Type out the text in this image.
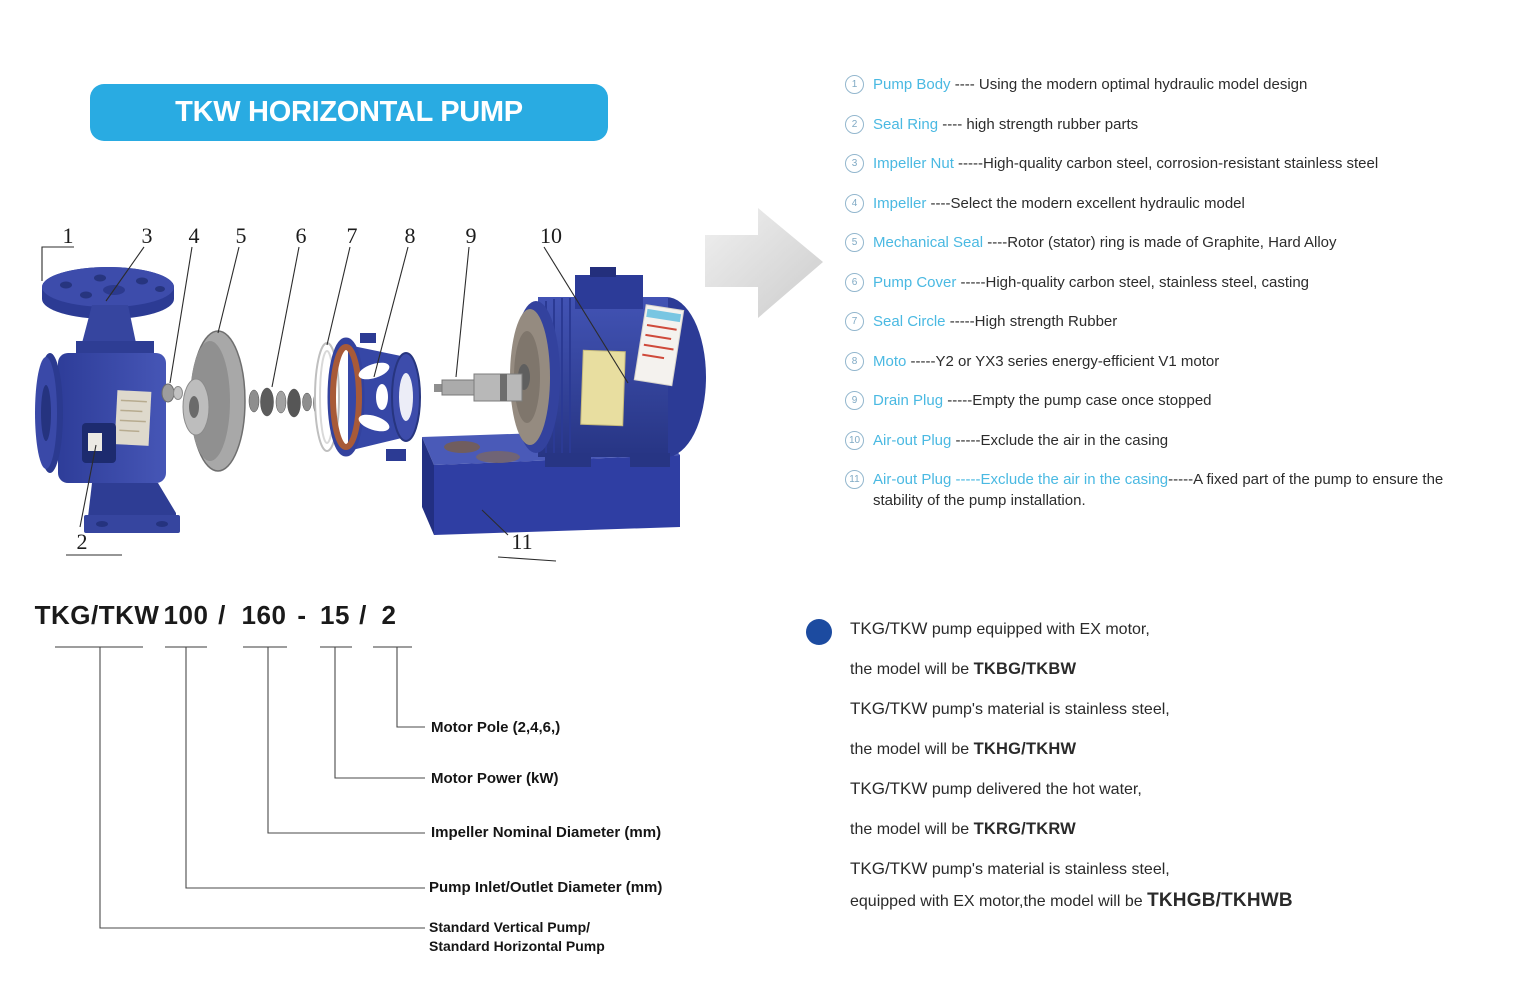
TKW HORIZONTAL PUMP
1	3 4 5 6 7 8 9	10
2	11
1	Pump Body ---- Using the modern optimal hydraulic model design
2	Seal Ring ---- high strength rubber parts
3	Impeller Nut -----High-quality carbon steel, corrosion-resistant stainless steel
4	Impeller ----Select the modern excellent hydraulic model
5	Mechanical Seal ----Rotor (stator) ring is made of Graphite, Hard Alloy
6	Pump Cover -----High-quality carbon steel, stainless steel, casting
7	Seal Circle -----High strength Rubber
8	Moto -----Y2 or YX3 series energy-efficient V1 motor
9	Drain Plug -----Empty the pump case once stopped
10 Air-out Plug -----Exclude the air in the casing
11 Air-out Plug -----Exclude the air in the casing-----A fixed part of the pump to ensure the stability of the pump installation.
TKG/TKW 100 / 160 - 15 / 2
Motor Pole (2,4,6,)
Motor Power (kW)
Impeller Nominal Diameter (mm)
Pump Inlet/Outlet Diameter (mm)
Standard Vertical Pump/
Standard Horizontal Pump
TKG/TKW pump equipped with EX motor,
the model will be TKBG/TKBW
TKG/TKW pump's material is stainless steel,
the model will be TKHG/TKHW
TKG/TKW pump delivered the hot water,
the model will be TKRG/TKRW
TKG/TKW pump's material is stainless steel,
equipped with EX motor,the model will be TKHGB/TKHWB
